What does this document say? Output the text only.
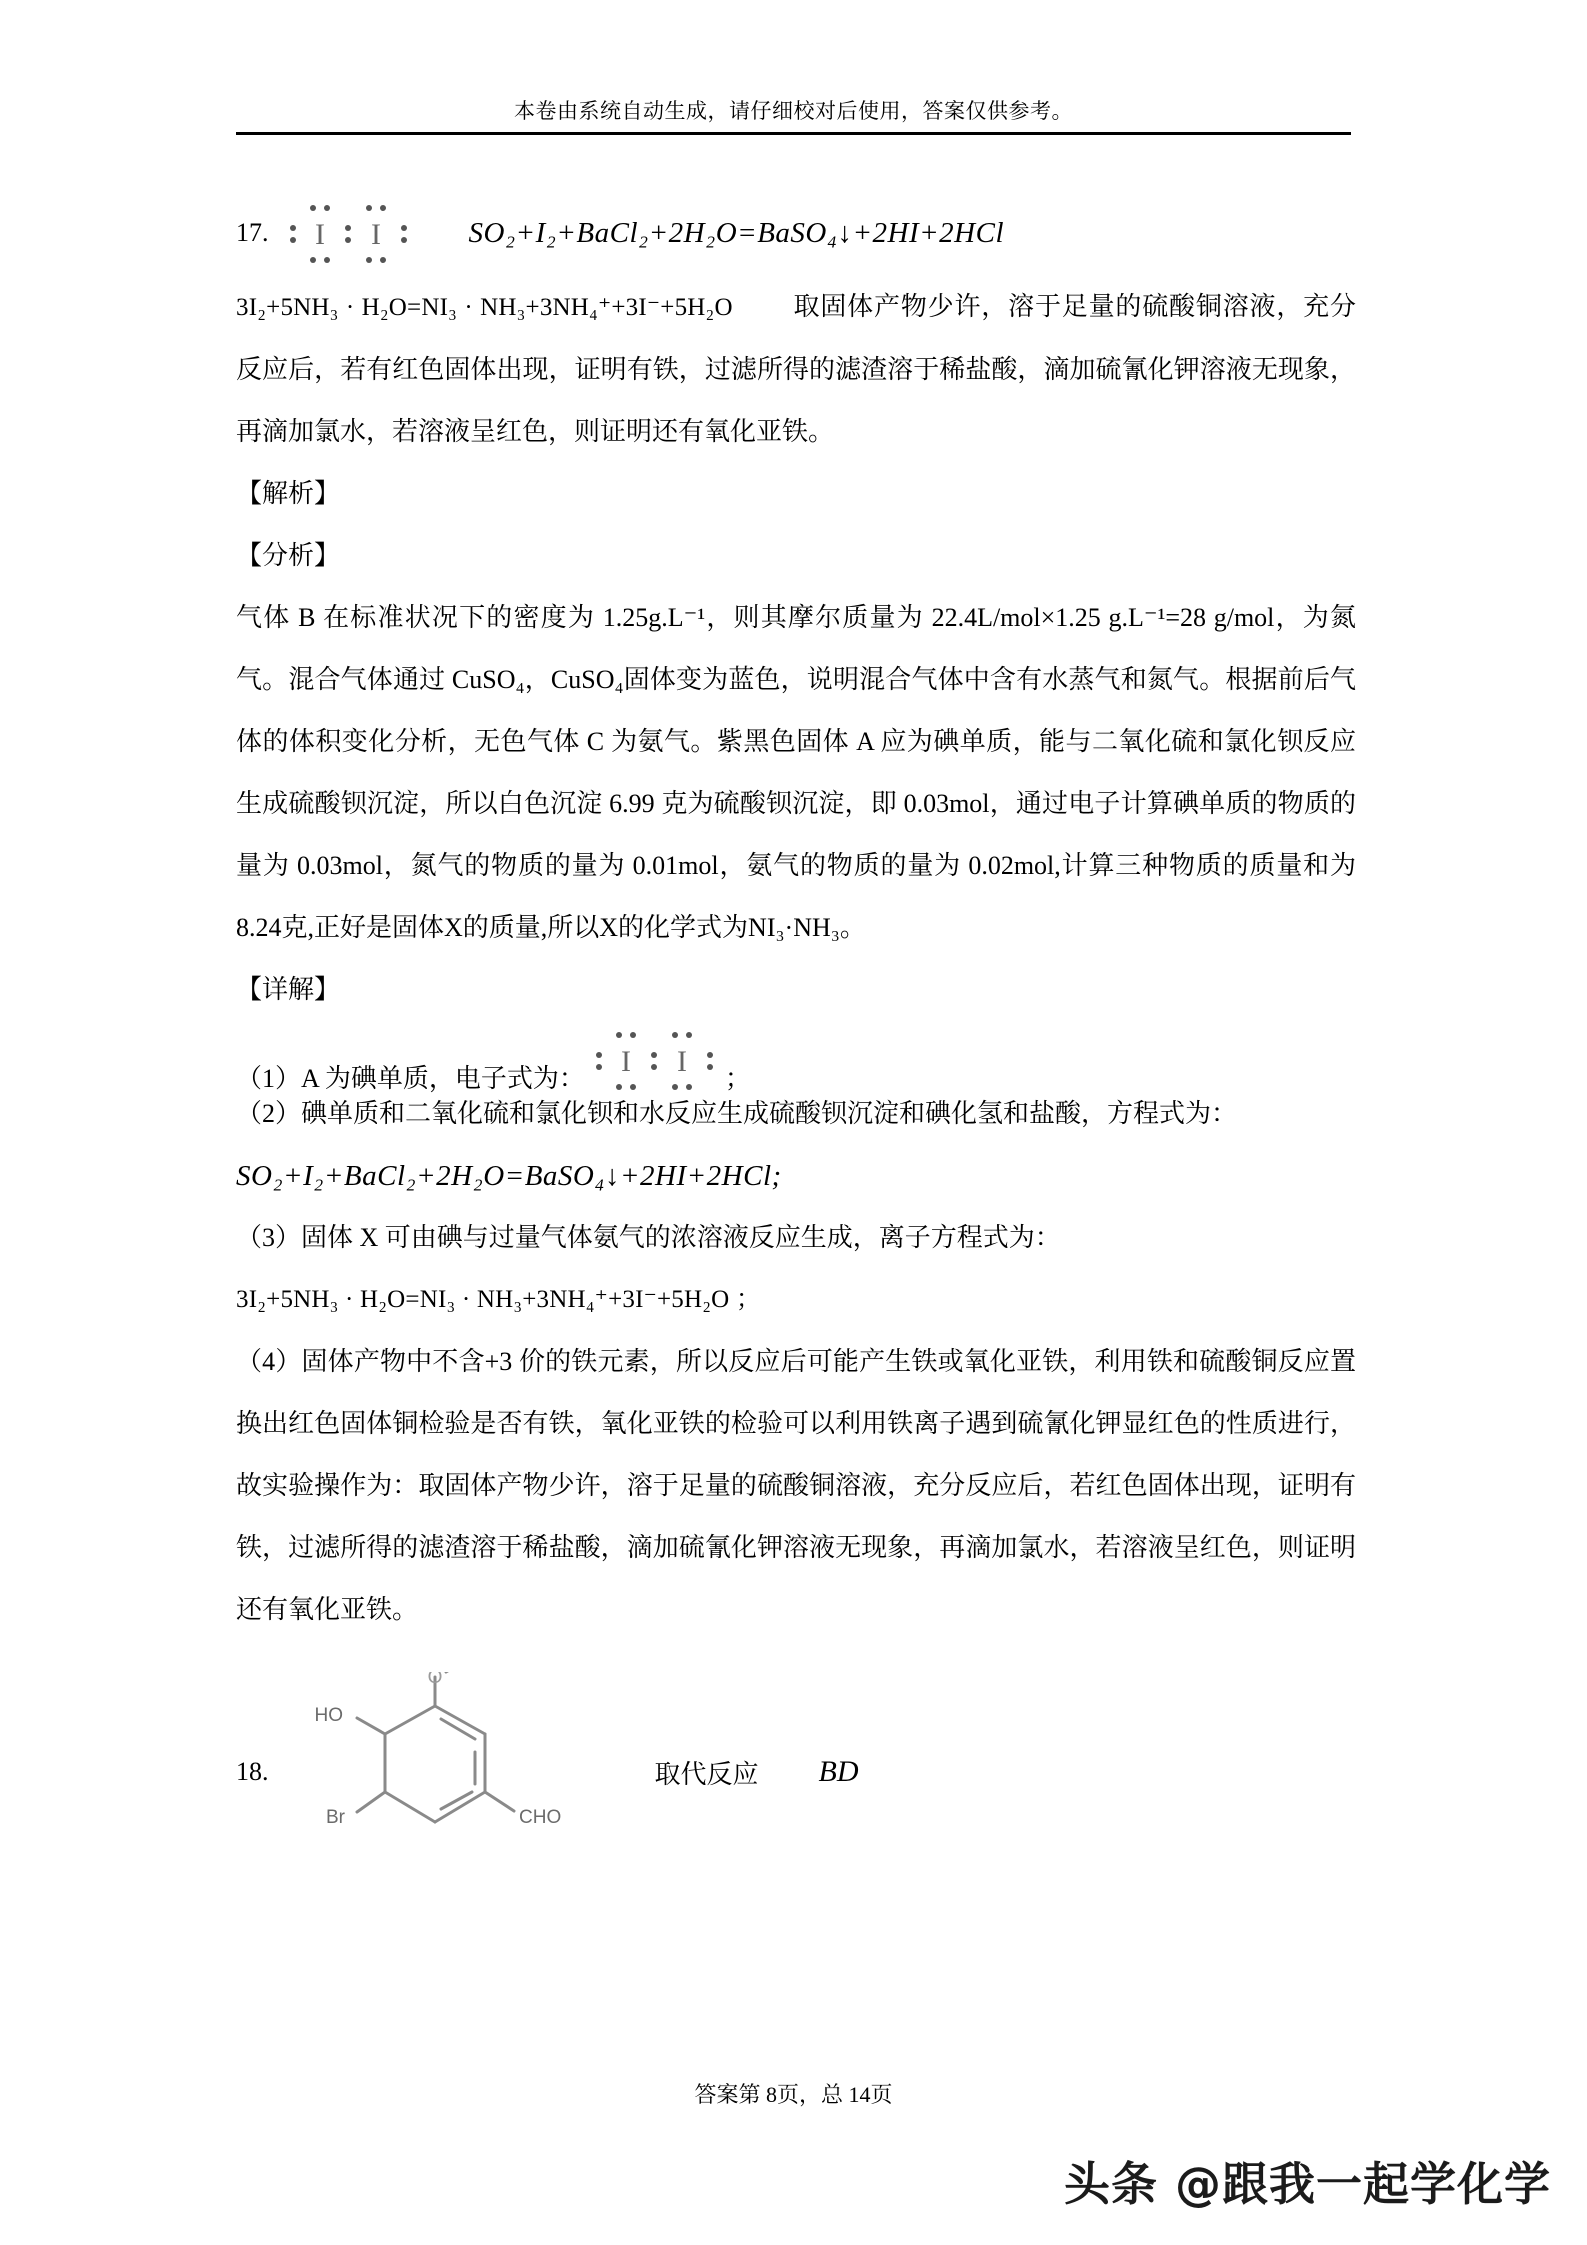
本卷由系统自动生成，请仔细校对后使用，答案仅供参考。
17. I I	SO₂+I₂+BaCl₂+2H₂O=BaSO₄↓+2HI+2HCl
3I₂+5NH₃ · H₂O=NI₃ · NH₃+3NH₄⁺+3I⁻+5H₂O 取固体产物少许，溶于足量的硫酸铜溶液，充分反应后，若有红色固体出现，证明有铁，过滤所得的滤渣溶于稀盐酸，滴加硫氰化钾溶液无现象，再滴加氯水，若溶液呈红色，则证明还有氧化亚铁。
【解析】
【分析】
气体 B 在标准状况下的密度为 1.25g.L⁻¹，则其摩尔质量为 22.4L/mol×1.25 g.L⁻¹=28 g/mol，为氮气。混合气体通过 CuSO₄，CuSO₄固体变为蓝色，说明混合气体中含有水蒸气和氮气。根据前后气体的体积变化分析，无色气体 C 为氨气。紫黑色固体 A 应为碘单质，能与二氧化硫和氯化钡反应生成硫酸钡沉淀，所以白色沉淀 6.99 克为硫酸钡沉淀，即 0.03mol，通过电子计算碘单质的物质的量为 0.03mol，氮气的物质的量为 0.01mol，氨气的物质的量为 0.02mol,计算三种物质的质量和为8.24克,正好是固体X的质量,所以X的化学式为NI₃·NH₃。
【详解】
（1）A 为碘单质，电子式为：
I I
；
（2）碘单质和二氧化硫和氯化钡和水反应生成硫酸钡沉淀和碘化氢和盐酸，方程式为：
SO₂+I₂+BaCl₂+2H₂O=BaSO₄↓+2HI+2HCl;
（3）固体 X 可由碘与过量气体氨气的浓溶液反应生成，离子方程式为：
3I₂+5NH₃ · H₂O=NI₃ · NH₃+3NH₄⁺+3I⁻+5H₂O ；
（4）固体产物中不含+3 价的铁元素，所以反应后可能产生铁或氧化亚铁，利用铁和硫酸铜反应置换出红色固体铜检验是否有铁，氧化亚铁的检验可以利用铁离子遇到硫氰化钾显红色的性质进行，故实验操作为：取固体产物少许，溶于足量的硫酸铜溶液，充分反应后，若红色固体出现，证明有铁，过滤所得的滤渣溶于稀盐酸，滴加硫氰化钾溶液无现象，再滴加氯水，若溶液呈红色，则证明还有氧化亚铁。
18.
HO
O
Br	CHO
取代反应 BD
答案第 8页，总 14页
头条 @跟我一起学化学
